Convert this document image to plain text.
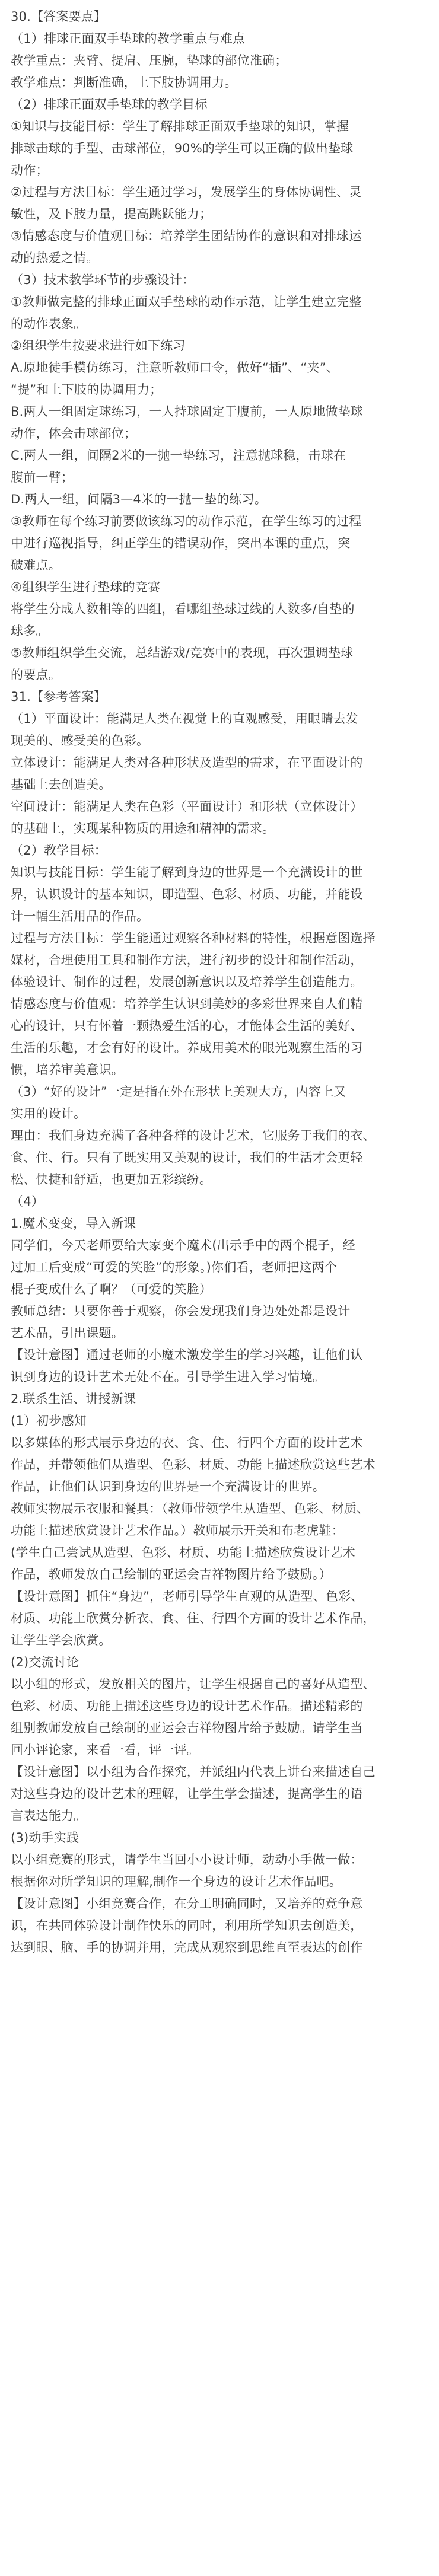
30.【答案要点】
（1）排球正面双手垫球的教学重点与难点
教学重点：夹臂、提肩、压腕，垫球的部位准确；
教学难点：判断准确，上下肢协调用力。
（2）排球正面双手垫球的教学目标
①知识与技能目标：学生了解排球正面双手垫球的知识，掌握
排球击球的手型、击球部位，90%的学生可以正确的做出垫球
动作；
②过程与方法目标：学生通过学习，发展学生的身体协调性、灵
敏性，及下肢力量，提高跳跃能力；
③情感态度与价值观目标：培养学生团结协作的意识和对排球运
动的热爱之情。
（3）技术教学环节的步骤设计：
①教师做完整的排球正面双手垫球的动作示范，让学生建立完整
的动作表象。
②组织学生按要求进行如下练习
A.原地徒手模仿练习，注意听教师口令，做好“插”、“夹”、
“提”和上下肢的协调用力；
B.两人一组固定球练习，一人持球固定于腹前，一人原地做垫球
动作，体会击球部位；
C.两人一组，间隔2米的一抛一垫练习，注意抛球稳，击球在
腹前一臂；
D.两人一组，间隔3—4米的一抛一垫的练习。
③教师在每个练习前要做该练习的动作示范，在学生练习的过程
中进行巡视指导，纠正学生的错误动作，突出本课的重点，突
破难点。
④组织学生进行垫球的竞赛
将学生分成人数相等的四组，看哪组垫球过线的人数多/自垫的
球多。
⑤教师组织学生交流，总结游戏/竞赛中的表现，再次强调垫球
的要点。
31.【参考答案】
（1）平面设计：能满足人类在视觉上的直观感受，用眼睛去发
现美的、感受美的色彩。
立体设计：能满足人类对各种形状及造型的需求，在平面设计的
基础上去创造美。
空间设计：能满足人类在色彩（平面设计）和形状（立体设计）
的基础上，实现某种物质的用途和精神的需求。
（2）教学目标：
知识与技能目标：学生能了解到身边的世界是一个充满设计的世
界，认识设计的基本知识，即造型、色彩、材质、功能，并能设
计一幅生活用品的作品。
过程与方法目标：学生能通过观察各种材料的特性，根据意图选择
媒材，合理使用工具和制作方法，进行初步的设计和制作活动，
体验设计、制作的过程，发展创新意识以及培养学生创造能力。
情感态度与价值观：培养学生认识到美妙的多彩世界来自人们精
心的设计，只有怀着一颗热爱生活的心，才能体会生活的美好、
生活的乐趣，才会有好的设计。养成用美术的眼光观察生活的习
惯，培养审美意识。
（3）“好的设计”一定是指在外在形状上美观大方，内容上又
实用的设计。
理由：我们身边充满了各种各样的设计艺术，它服务于我们的衣、
食、住、行。只有了既实用又美观的设计，我们的生活才会更轻
松、快捷和舒适，也更加五彩缤纷。
（4）
1.魔术变变，导入新课
同学们，今天老师要给大家变个魔术(出示手中的两个棍子，经
过加工后变成“可爱的笑脸”的形象。)你们看，老师把这两个
棍子变成什么了啊？（可爱的笑脸）
教师总结：只要你善于观察，你会发现我们身边处处都是设计
艺术品，引出课题。
【设计意图】通过老师的小魔术激发学生的学习兴趣，让他们认
识到身边的设计艺术无处不在。引导学生进入学习情境。
2.联系生活、讲授新课
(1）初步感知
以多媒体的形式展示身边的衣、食、住、行四个方面的设计艺术
作品，并带领他们从造型、色彩、材质、功能上描述欣赏这些艺术
作品，让他们认识到身边的世界是一个充满设计的世界。
教师实物展示衣服和餐具：（教师带领学生从造型、色彩、材质、
功能上描述欣赏设计艺术作品。）教师展示开关和布老虎鞋：
(学生自己尝试从造型、色彩、材质、功能上描述欣赏设计艺术
作品，教师发放自己绘制的亚运会吉祥物图片给予鼓励。）
【设计意图】抓住“身边”，老师引导学生直观的从造型、色彩、
材质、功能上欣赏分析衣、食、住、行四个方面的设计艺术作品，
让学生学会欣赏。
(2)交流讨论
以小组的形式，发放相关的图片，让学生根据自己的喜好从造型、
色彩、材质、功能上描述这些身边的设计艺术作品。描述精彩的
组别教师发放自己绘制的亚运会吉祥物图片给予鼓励。请学生当
回小评论家，来看一看，评一评。
【设计意图】以小组为合作探究，并派组内代表上讲台来描述自己
对这些身边的设计艺术的理解，让学生学会描述，提高学生的语
言表达能力。
(3)动手实践
以小组竞赛的形式，请学生当回小小设计师，动动小手做一做：
根据你对所学知识的理解,制作一个身边的设计艺术作品吧。
【设计意图】小组竞赛合作，在分工明确同时，又培养的竞争意
识，在共同体验设计制作快乐的同时，利用所学知识去创造美，
达到眼、脑、手的协调并用，完成从观察到思维直至表达的创作
